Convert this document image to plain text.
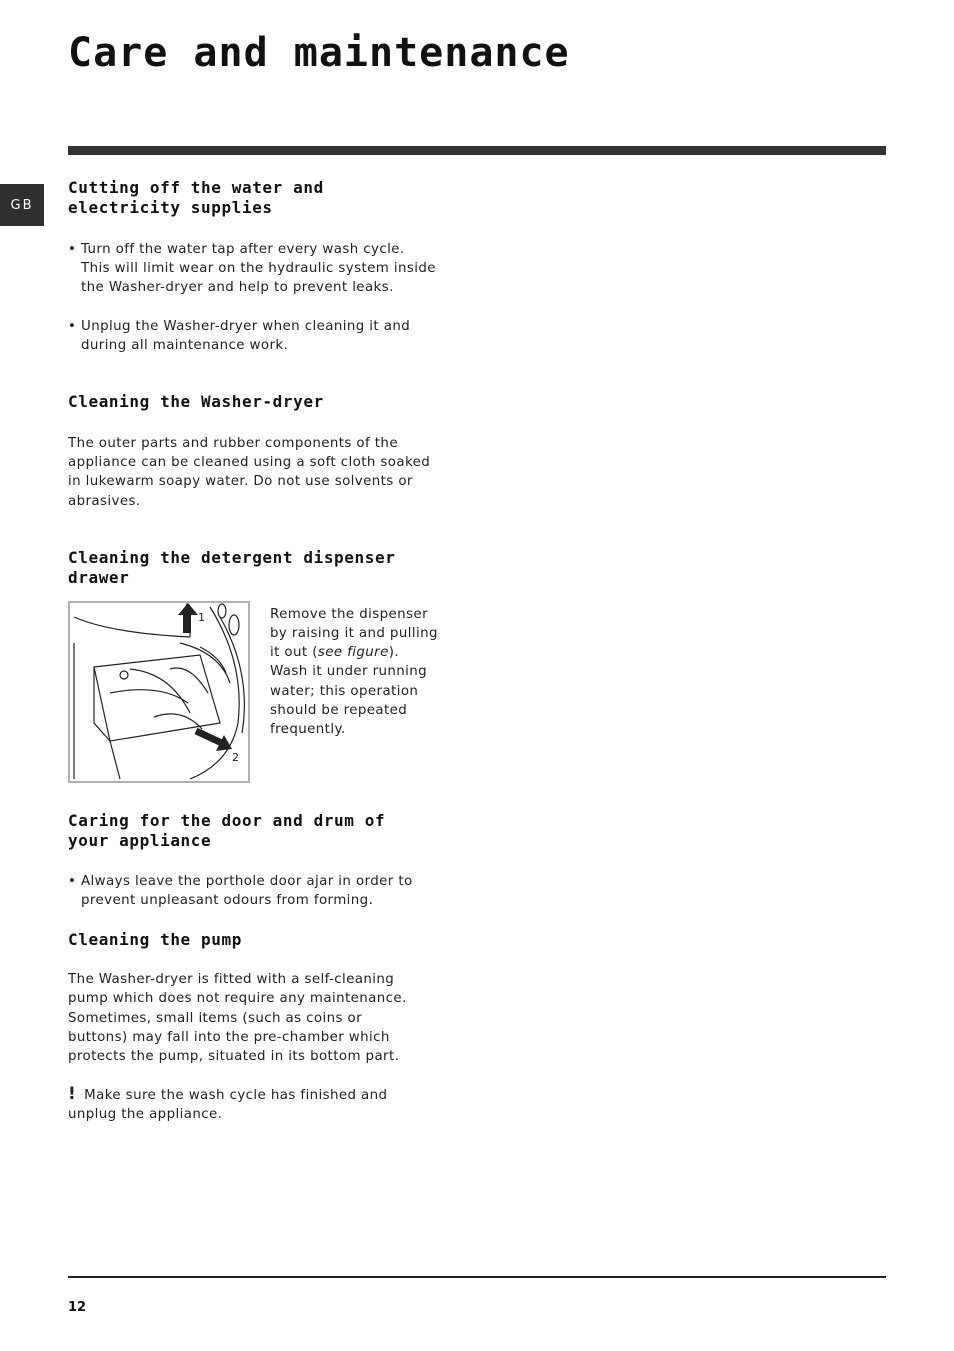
Care and maintenance
GB
Cutting off the water and
electricity supplies
• Turn off the water tap after every wash cycle.
This will limit wear on the hydraulic system inside
the Washer-dryer and help to prevent leaks.
• Unplug the Washer-dryer when cleaning it and
during all maintenance work.
Cleaning the Washer-dryer

The outer parts and rubber components of the
appliance can be cleaned using a soft cloth soaked
in lukewarm soapy water. Do not use solvents or
abrasives.

Cleaning the detergent dispenser
drawer
1
2

Remove the dispenser
by raising it and pulling
it out (see figure).
Wash it under running
water; this operation
should be repeated
frequently.

Caring for the door and drum of
your appliance
• Always leave the porthole door ajar in order to
prevent unpleasant odours from forming.
Cleaning the pump

The Washer-dryer is fitted with a self-cleaning
pump which does not require any maintenance.
Sometimes, small items (such as coins or
buttons) may fall into the pre-chamber which
protects the pump, situated in its bottom part.

! Make sure the wash cycle has finished and
unplug the appliance.

12
